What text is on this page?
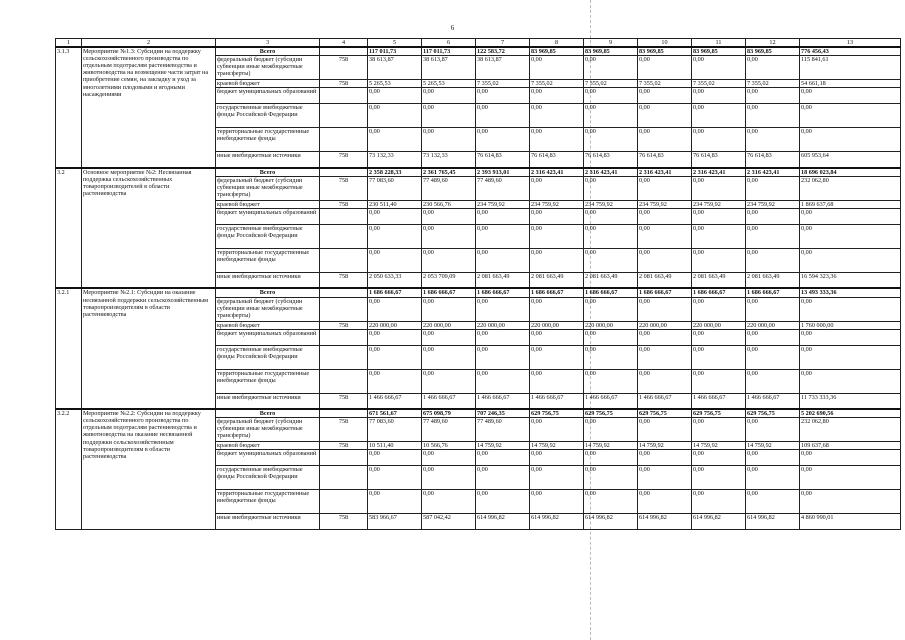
6
1	2	3	4	5	6	7	8	9	10	11	12	13
3.1.3	Мероприятие №1.3: Субсидии на поддержку сельскохозяйственного производства по отдельным подотраслям растениеводства и животноводства на возмещение части затрат на приобретение семян, на закладку и уход за многолетними плодовыми и ягодными насаждениями	Всего		117 011,73	117 011,73	122 583,72	83 969,85	83 969,85	83 969,85	83 969,85	83 969,85	776 456,43
		федеральный бюджет (субсидии субвенции иные межбюджетные трансферты)	758	38 613,87	38 613,87	38 613,87	0,00	0,00	0,00	0,00	0,00	115 841,61
		краевой бюджет	758	5 265,53	5 265,53	7 355,02	7 355,02	7 355,02	7 355,02	7 355,02	7 355,02	54 661,18
		бюджет муниципальных образований		0,00	0,00	0,00	0,00	0,00	0,00	0,00	0,00	0,00
		государственные внебюджетные фонды Российской Федерации		0,00	0,00	0,00	0,00	0,00	0,00	0,00	0,00	0,00
		территориальные государственные внебюджетные фонды		0,00	0,00	0,00	0,00	0,00	0,00	0,00	0,00	0,00
		иные внебюджетные источники	758	73 132,33	73 132,33	76 614,83	76 614,83	76 614,83	76 614,83	76 614,83	76 614,83	605 953,64
3.2	Основное мероприятие №2: Несвязанная поддержка сельскохозяйственных товаропроизводителей в области растениеводства	Всего		2 358 228,33	2 361 765,45	2 393 913,01	2 316 423,41	2 316 423,41	2 316 423,41	2 316 423,41	2 316 423,41	18 696 023,84
		федеральный бюджет (субсидии субвенции иные межбюджетные трансферты)	758	77 083,60	77 489,60	77 489,60	0,00	0,00	0,00	0,00	0,00	232 062,80
		краевой бюджет	758	230 511,40	230 566,76	234 759,92	234 759,92	234 759,92	234 759,92	234 759,92	234 759,92	1 869 637,68
		бюджет муниципальных образований		0,00	0,00	0,00	0,00	0,00	0,00	0,00	0,00	0,00
		государственные внебюджетные фонды Российской Федерации		0,00	0,00	0,00	0,00	0,00	0,00	0,00	0,00	0,00
		территориальные государственные внебюджетные фонды		0,00	0,00	0,00	0,00	0,00	0,00	0,00	0,00	0,00
		иные внебюджетные источники	758	2 050 633,33	2 053 709,09	2 081 663,49	2 081 663,49	2 081 663,49	2 081 663,49	2 081 663,49	2 081 663,49	16 594 323,36
3.2.1	Мероприятие №2.1: Субсидии на оказание несвязанной поддержки сельскохозяйственным товаропроизводителям в области растениеводства	Всего		1 686 666,67	1 686 666,67	1 686 666,67	1 686 666,67	1 686 666,67	1 686 666,67	1 686 666,67	1 686 666,67	13 493 333,36
		федеральный бюджет (субсидии субвенции иные межбюджетные трансферты)		0,00	0,00	0,00	0,00	0,00	0,00	0,00	0,00	0,00
		краевой бюджет	758	220 000,00	220 000,00	220 000,00	220 000,00	220 000,00	220 000,00	220 000,00	220 000,00	1 760 000,00
		бюджет муниципальных образований		0,00	0,00	0,00	0,00	0,00	0,00	0,00	0,00	0,00
		государственные внебюджетные фонды Российской Федерации		0,00	0,00	0,00	0,00	0,00	0,00	0,00	0,00	0,00
		территориальные государственные внебюджетные фонды		0,00	0,00	0,00	0,00	0,00	0,00	0,00	0,00	0,00
		иные внебюджетные источники	758	1 466 666,67	1 466 666,67	1 466 666,67	1 466 666,67	1 466 666,67	1 466 666,67	1 466 666,67	1 466 666,67	11 733 333,36
3.2.2	Мероприятие №2.2: Субсидии на поддержку сельскохозяйственного производства по отдельным подотраслям растениеводства и животноводства на оказание несвязанной поддержки сельскохозяйственным товаропроизводителям в области растениеводства	Всего		671 561,67	675 098,79	707 246,35	629 756,75	629 756,75	629 756,75	629 756,75	629 756,75	5 202 690,56
		федеральный бюджет (субсидии субвенции иные межбюджетные трансферты)	758	77 083,60	77 489,60	77 489,60	0,00	0,00	0,00	0,00	0,00	232 062,80
		краевой бюджет	758	10 511,40	10 566,76	14 759,92	14 759,92	14 759,92	14 759,92	14 759,92	14 759,92	109 637,68
		бюджет муниципальных образований		0,00	0,00	0,00	0,00	0,00	0,00	0,00	0,00	0,00
		государственные внебюджетные фонды Российской Федерации		0,00	0,00	0,00	0,00	0,00	0,00	0,00	0,00	0,00
		территориальные государственные внебюджетные фонды		0,00	0,00	0,00	0,00	0,00	0,00	0,00	0,00	0,00
		иные внебюджетные источники	758	583 966,67	587 042,42	614 996,82	614 996,82	614 996,82	614 996,82	614 996,82	614 996,82	4 860 990,01
